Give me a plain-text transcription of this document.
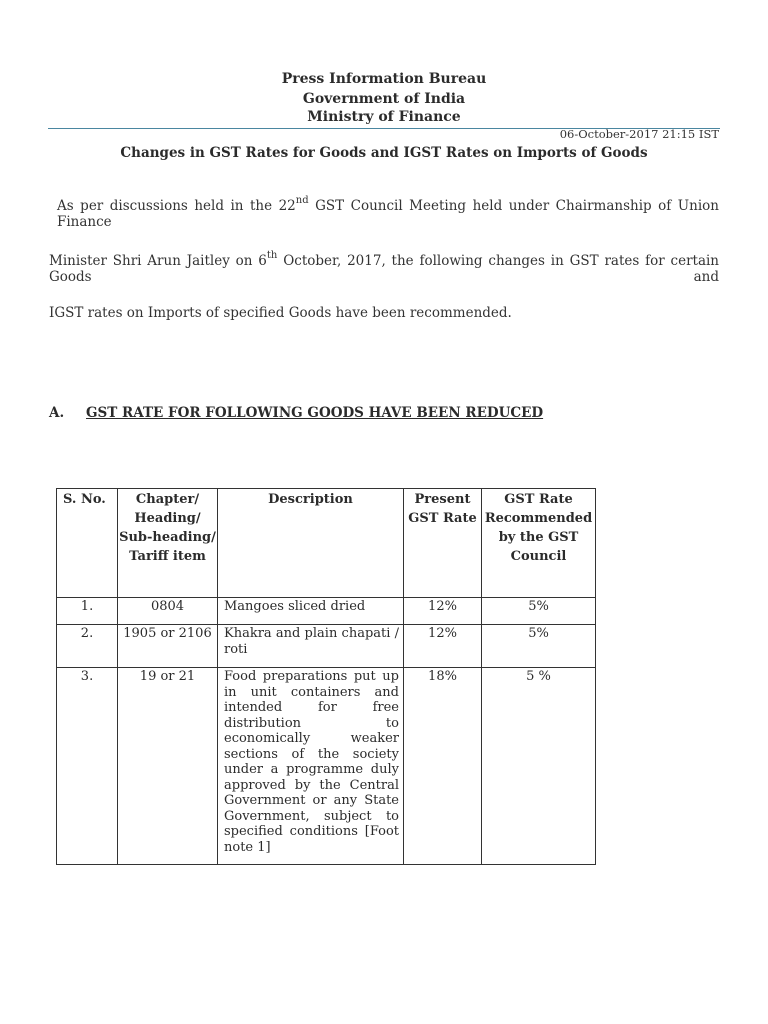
Press Information Bureau
Government of India
Ministry of Finance
06-October-2017 21:15 IST
Changes in GST Rates for Goods and IGST Rates on Imports of Goods
As per discussions held in the 22nd GST Council Meeting held under Chairmanship of Union Finance
Minister Shri Arun Jaitley on 6th October, 2017, the following changes in GST rates for certain Goods and
IGST rates on Imports of specified Goods have been recommended.
A. GST RATE FOR FOLLOWING GOODS HAVE BEEN REDUCED
S. No.	Chapter/ Heading/ Sub-heading/ Tariff item	Description	Present GST Rate	GST Rate Recommended by the GST Council
1.	0804	Mangoes sliced dried	12%	5%
2.	1905 or 2106	Khakra and plain chapati / roti	12%	5%
3.	19 or 21	Food preparations put up in unit containers and intended for free distribution to economically weaker sections of the society under a programme duly approved by the Central Government or any State Government, subject to specified conditions [Foot note 1]	18%	5 %
